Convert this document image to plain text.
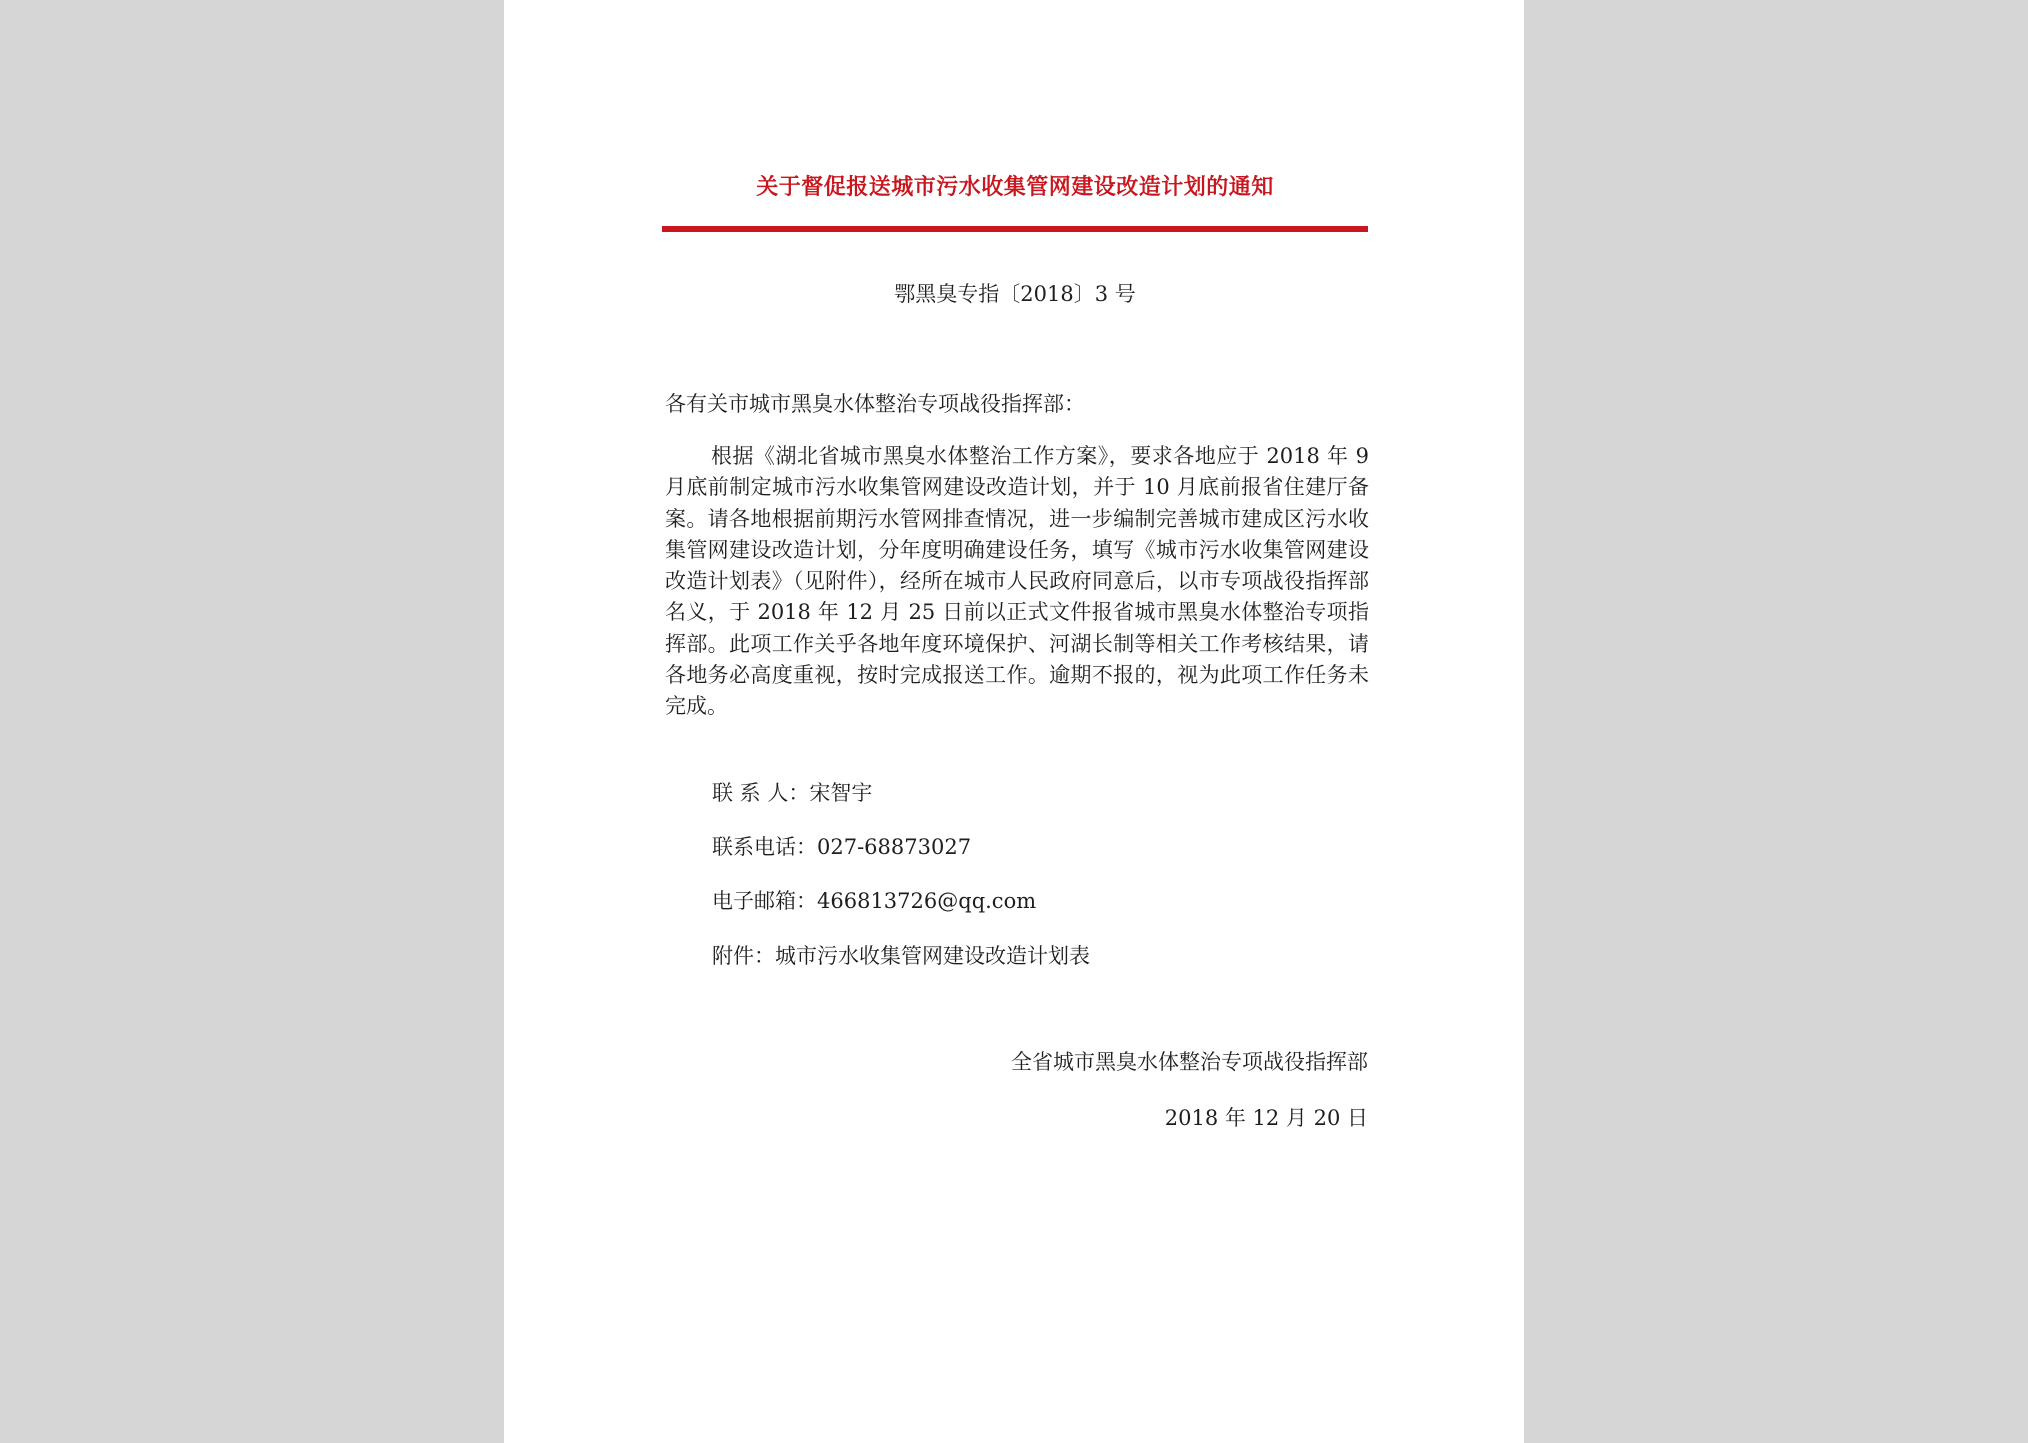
关于督促报送城市污水收集管网建设改造计划的通知
鄂黑臭专指〔2018〕3 号
各有关市城市黑臭水体整治专项战役指挥部：

根据《湖北省城市黑臭水体整治工作方案》，要求各地应于 2018 年 9 月底前制定城市污水收集管网建设改造计划，并于 10 月底前报省住建厅备案。请各地根据前期污水管网排查情况，进一步编制完善城市建成区污水收集管网建设改造计划，分年度明确建设任务，填写《城市污水收集管网建设改造计划表》（见附件），经所在城市人民政府同意后，以市专项战役指挥部名义，于 2018 年 12 月 25 日前以正式文件报省城市黑臭水体整治专项指挥部。此项工作关乎各地年度环境保护、河湖长制等相关工作考核结果，请各地务必高度重视，按时完成报送工作。逾期不报的，视为此项工作任务未完成。

联 系 人：宋智宇
联系电话：027-68873027
电子邮箱：466813726@qq.com
附件：城市污水收集管网建设改造计划表
全省城市黑臭水体整治专项战役指挥部
2018 年 12 月 20 日
